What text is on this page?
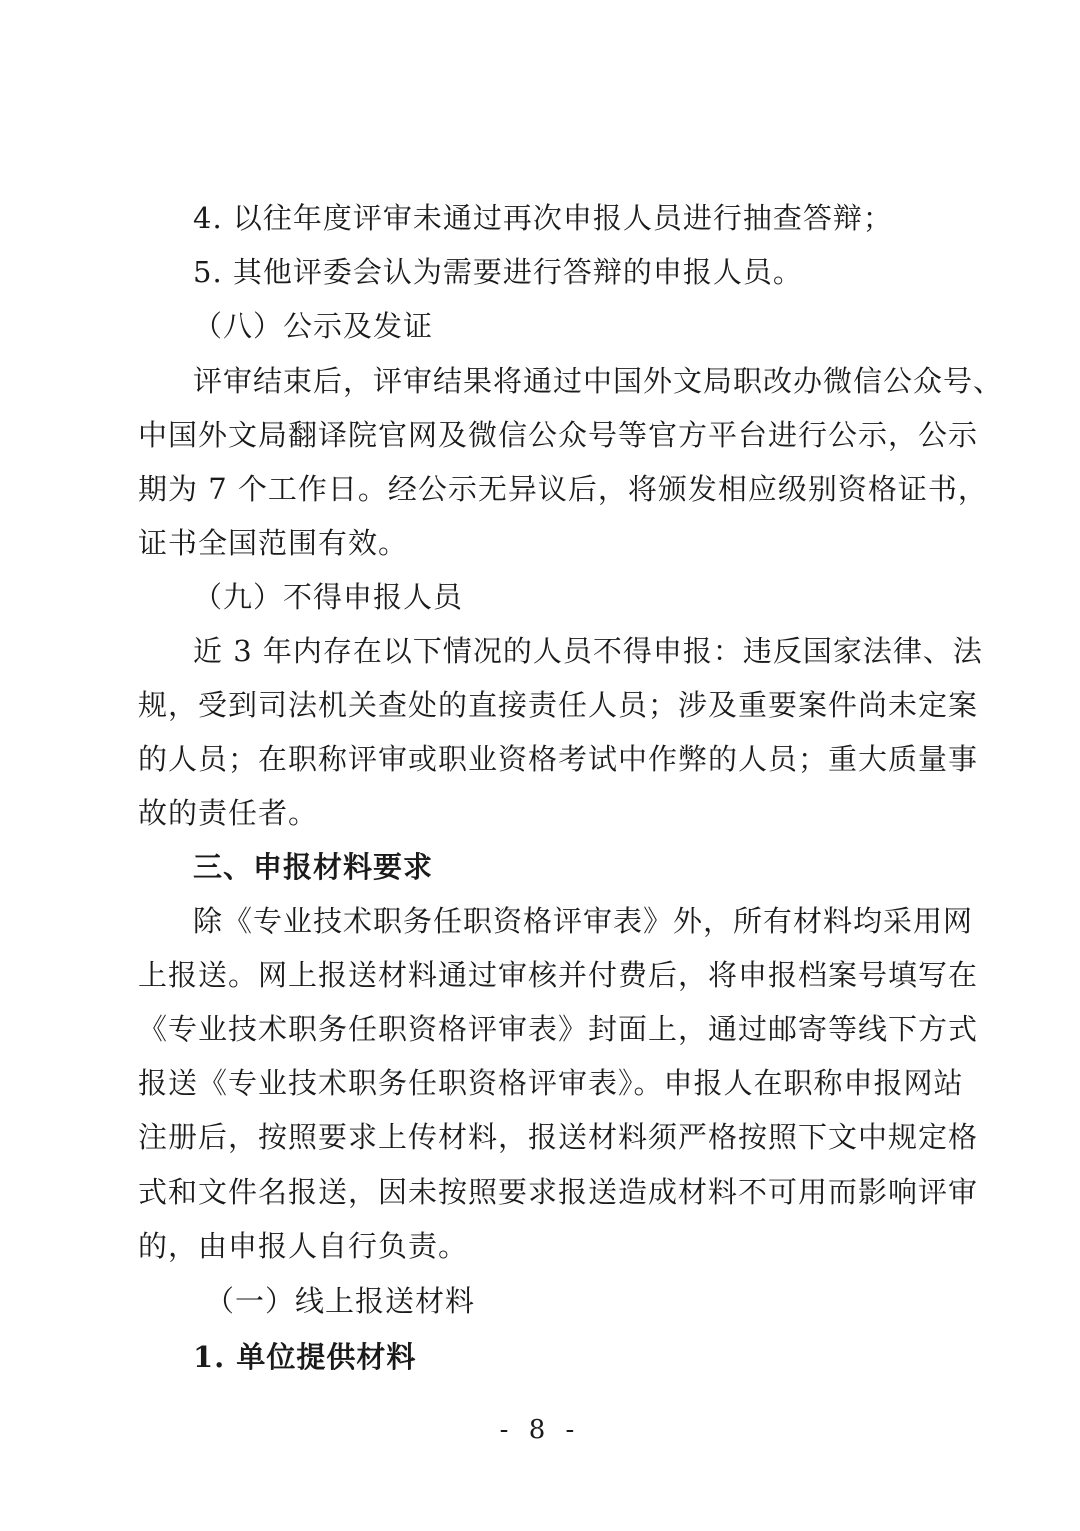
4. 以往年度评审未通过再次申报人员进行抽查答辩；
5. 其他评委会认为需要进行答辩的申报人员。
（八）公示及发证
评审结束后，评审结果将通过中国外文局职改办微信公众号、
中国外文局翻译院官网及微信公众号等官方平台进行公示，公示
期为 7 个工作日。经公示无异议后，将颁发相应级别资格证书，
证书全国范围有效。
（九）不得申报人员
近 3 年内存在以下情况的人员不得申报：违反国家法律、法
规，受到司法机关查处的直接责任人员；涉及重要案件尚未定案
的人员；在职称评审或职业资格考试中作弊的人员；重大质量事
故的责任者。
三、申报材料要求
除《专业技术职务任职资格评审表》外，所有材料均采用网
上报送。网上报送材料通过审核并付费后，将申报档案号填写在
《专业技术职务任职资格评审表》封面上，通过邮寄等线下方式
报送《专业技术职务任职资格评审表》。申报人在职称申报网站
注册后，按照要求上传材料，报送材料须严格按照下文中规定格
式和文件名报送，因未按照要求报送造成材料不可用而影响评审
的，由申报人自行负责。
（一）线上报送材料
1. 单位提供材料
- 8 -
